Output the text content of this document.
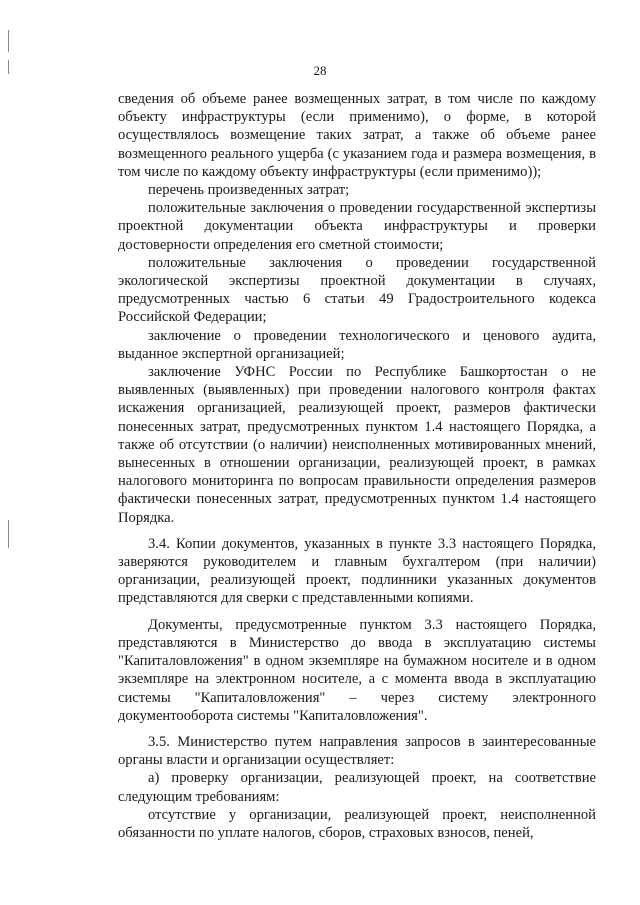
28

сведения об объеме ранее возмещенных затрат, в том числе по каждому объекту инфраструктуры (если применимо), о форме, в которой осуществлялось возмещение таких затрат, а также об объеме ранее возмещенного реального ущерба (с указанием года и размера возмещения, в том числе по каждому объекту инфраструктуры (если применимо));

перечень произведенных затрат;

положительные заключения о проведении государственной экспертизы проектной документации объекта инфраструктуры и проверки достоверности определения его сметной стоимости;

положительные заключения о проведении государственной экологической экспертизы проектной документации в случаях, предусмотренных частью 6 статьи 49 Градостроительного кодекса Российской Федерации;

заключение о проведении технологического и ценового аудита, выданное экспертной организацией;

заключение УФНС России по Республике Башкортостан о не выявленных (выявленных) при проведении налогового контроля фактах искажения организацией, реализующей проект, размеров фактически понесенных затрат, предусмотренных пунктом 1.4 настоящего Порядка, а также об отсутствии (о наличии) неисполненных мотивированных мнений, вынесенных в отношении организации, реализующей проект, в рамках налогового мониторинга по вопросам правильности определения размеров фактически понесенных затрат, предусмотренных пунктом 1.4 настоящего Порядка.

3.4. Копии документов, указанных в пункте 3.3 настоящего Порядка, заверяются руководителем и главным бухгалтером (при наличии) организации, реализующей проект, подлинники указанных документов представляются для сверки с представленными копиями.

Документы, предусмотренные пунктом 3.3 настоящего Порядка, представляются в Министерство до ввода в эксплуатацию системы "Капиталовложения" в одном экземпляре на бумажном носителе и в одном экземпляре на электронном носителе, а с момента ввода в эксплуатацию системы "Капиталовложения" – через систему электронного документооборота системы "Капиталовложения".

3.5. Министерство путем направления запросов в заинтересованные органы власти и организации осуществляет:

а) проверку организации, реализующей проект, на соответствие следующим требованиям:

отсутствие у организации, реализующей проект, неисполненной обязанности по уплате налогов, сборов, страховых взносов, пеней,
